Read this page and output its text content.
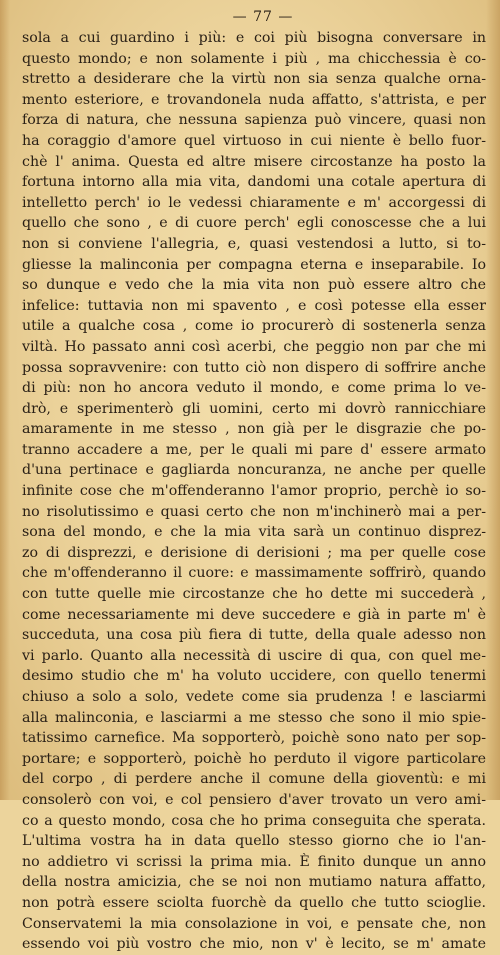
— 77 —
sola a cui guardino i più: e coi più bisogna conversare in
questo mondo; e non solamente i più , ma chicchessia è co-
stretto a desiderare che la virtù non sia senza qualche orna-
mento esteriore, e trovandonela nuda affatto, s'attrista, e per
forza di natura, che nessuna sapienza può vincere, quasi non
ha coraggio d'amore quel virtuoso in cui niente è bello fuor-
chè l' anima. Questa ed altre misere circostanze ha posto la
fortuna intorno alla mia vita, dandomi una cotale apertura di
intelletto perch' io le vedessi chiaramente e m' accorgessi di
quello che sono , e di cuore perch' egli conoscesse che a lui
non si conviene l'allegria, e, quasi vestendosi a lutto, si to-
gliesse la malinconia per compagna eterna e inseparabile. Io
so dunque e vedo che la mia vita non può essere altro che
infelice: tuttavia non mi spavento , e così potesse ella esser
utile a qualche cosa , come io procurerò di sostenerla senza
viltà. Ho passato anni così acerbi, che peggio non par che mi
possa sopravvenire: con tutto ciò non dispero di soffrire anche
di più: non ho ancora veduto il mondo, e come prima lo ve-
drò, e sperimenterò gli uomini, certo mi dovrò rannicchiare
amaramente in me stesso , non già per le disgrazie che po-
tranno accadere a me, per le quali mi pare d' essere armato
d'una pertinace e gagliarda noncuranza, ne anche per quelle
infinite cose che m'offenderanno l'amor proprio, perchè io so-
no risolutissimo e quasi certo che non m'inchinerò mai a per-
sona del mondo, e che la mia vita sarà un continuo disprez-
zo di disprezzi, e derisione di derisioni ; ma per quelle cose
che m'offenderanno il cuore: e massimamente soffrirò, quando
con tutte quelle mie circostanze che ho dette mi succederà ,
come necessariamente mi deve succedere e già in parte m' è
succeduta, una cosa più fiera di tutte, della quale adesso non
vi parlo. Quanto alla necessità di uscire di qua, con quel me-
desimo studio che m' ha voluto uccidere, con quello tenermi
chiuso a solo a solo, vedete come sia prudenza ! e lasciarmi
alla malinconia, e lasciarmi a me stesso che sono il mio spie-
tatissimo carnefice. Ma sopporterò, poichè sono nato per sop-
portare; e sopporterò, poichè ho perduto il vigore particolare
del corpo , di perdere anche il comune della gioventù: e mi
consolerò con voi, e col pensiero d'aver trovato un vero ami-
co a questo mondo, cosa che ho prima conseguita che sperata.
L'ultima vostra ha in data quello stesso giorno che io l'an-
no addietro vi scrissi la prima mia. È finito dunque un anno
della nostra amicizia, che se noi non mutiamo natura affatto,
non potrà essere sciolta fuorchè da quello che tutto scioglie.
Conservatemi la mia consolazione in voi, e pensate che, non
essendo voi più vostro che mio, non v' è lecito, se m' amate
